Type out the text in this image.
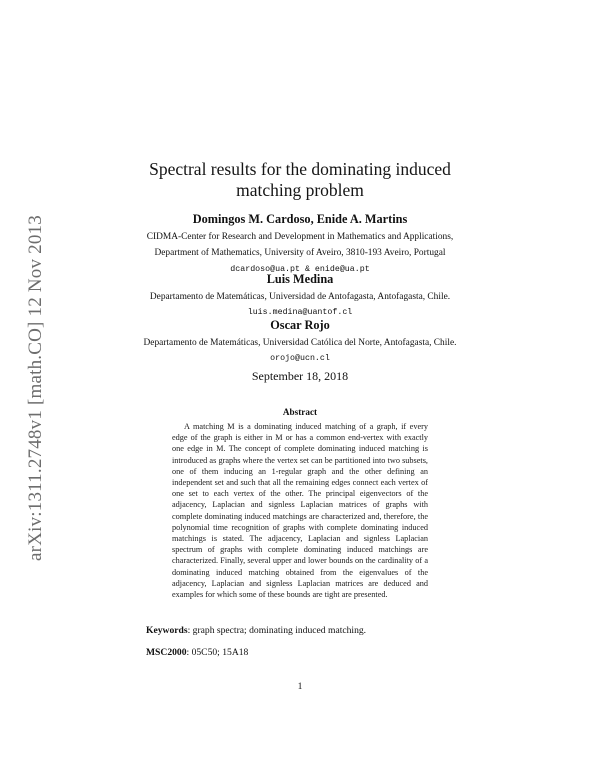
arXiv:1311.2748v1 [math.CO] 12 Nov 2013
Spectral results for the dominating induced
matching problem
Domingos M. Cardoso, Enide A. Martins
CIDMA-Center for Research and Development in Mathematics and Applications,
Department of Mathematics, University of Aveiro, 3810-193 Aveiro, Portugal
dcardoso@ua.pt & enide@ua.pt
Luis Medina
Departamento de Matemáticas, Universidad de Antofagasta, Antofagasta, Chile.
luis.medina@uantof.cl
Oscar Rojo
Departamento de Matemáticas, Universidad Católica del Norte, Antofagasta, Chile.
orojo@ucn.cl
September 18, 2018
Abstract
A matching M is a dominating induced matching of a graph, if every edge of the graph is either in M or has a common end-vertex with exactly one edge in M. The concept of complete dominating induced matching is introduced as graphs where the vertex set can be partitioned into two subsets, one of them inducing an 1-regular graph and the other defining an independent set and such that all the remaining edges connect each vertex of one set to each vertex of the other. The principal eigenvectors of the adjacency, Laplacian and signless Laplacian matrices of graphs with complete dominating induced matchings are characterized and, therefore, the polynomial time recognition of graphs with complete dominating induced matchings is stated. The adjacency, Laplacian and signless Laplacian spectrum of graphs with complete dominating induced matchings are characterized. Finally, several upper and lower bounds on the cardinality of a dominating induced matching obtained from the eigenvalues of the adjacency, Laplacian and signless Laplacian matrices are deduced and examples for which some of these bounds are tight are presented.
Keywords: graph spectra; dominating induced matching.
MSC2000: 05C50; 15A18
1
